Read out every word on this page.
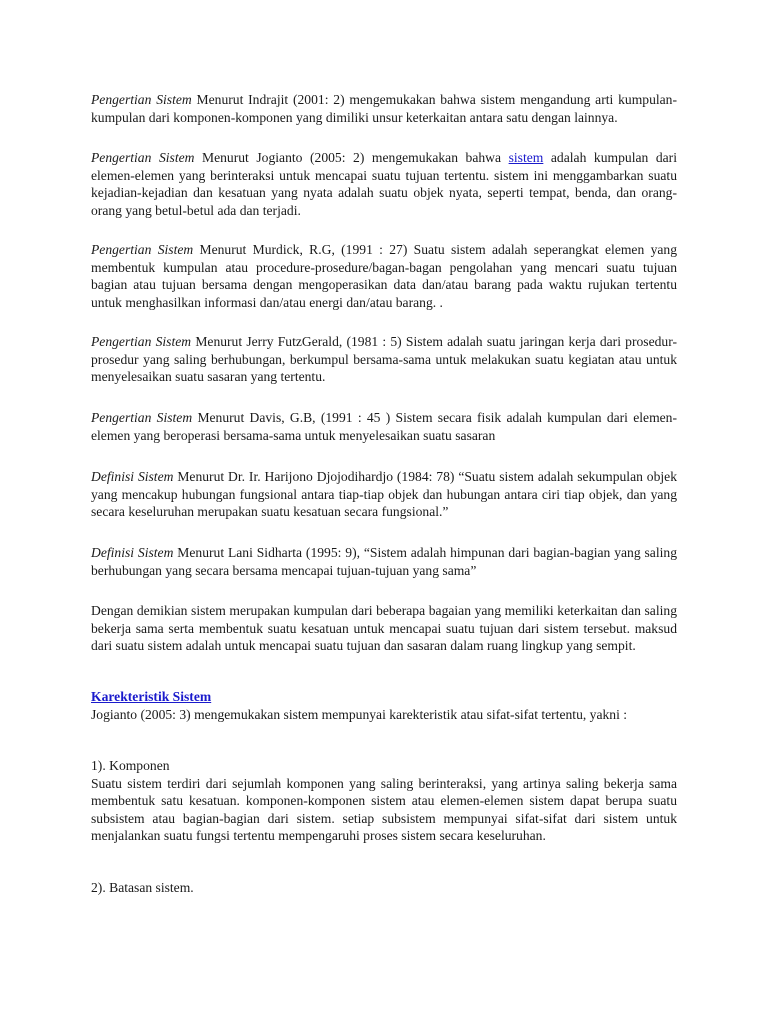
Pengertian Sistem Menurut Indrajit (2001: 2) mengemukakan bahwa sistem mengandung arti kumpulan-kumpulan dari komponen-komponen yang dimiliki unsur keterkaitan antara satu dengan lainnya.

Pengertian Sistem Menurut Jogianto (2005: 2) mengemukakan bahwa sistem adalah kumpulan dari elemen-elemen yang berinteraksi untuk mencapai suatu tujuan tertentu. sistem ini menggambarkan suatu kejadian-kejadian dan kesatuan yang nyata adalah suatu objek nyata, seperti tempat, benda, dan orang-orang yang betul-betul ada dan terjadi.

Pengertian Sistem Menurut Murdick, R.G, (1991 : 27) Suatu sistem adalah seperangkat elemen yang membentuk kumpulan atau procedure-prosedure/bagan-bagan pengolahan yang mencari suatu tujuan bagian atau tujuan bersama dengan mengoperasikan data dan/atau barang pada waktu rujukan tertentu untuk menghasilkan informasi dan/atau energi dan/atau barang. .

Pengertian Sistem Menurut Jerry FutzGerald, (1981 : 5) Sistem adalah suatu jaringan kerja dari prosedur-prosedur yang saling berhubungan, berkumpul bersama-sama untuk melakukan suatu kegiatan atau untuk menyelesaikan suatu sasaran yang tertentu.

Pengertian Sistem Menurut Davis, G.B, (1991 : 45 ) Sistem secara fisik adalah kumpulan dari elemen-elemen yang beroperasi bersama-sama untuk menyelesaikan suatu sasaran

Definisi Sistem Menurut Dr. Ir. Harijono Djojodihardjo (1984: 78) “Suatu sistem adalah sekumpulan objek yang mencakup hubungan fungsional antara tiap-tiap objek dan hubungan antara ciri tiap objek, dan yang secara keseluruhan merupakan suatu kesatuan secara fungsional.”

Definisi Sistem Menurut Lani Sidharta (1995: 9), “Sistem adalah himpunan dari bagian-bagian yang saling berhubungan yang secara bersama mencapai tujuan-tujuan yang sama”

Dengan demikian sistem merupakan kumpulan dari beberapa bagaian yang memiliki keterkaitan dan saling bekerja sama serta membentuk suatu kesatuan untuk mencapai suatu tujuan dari sistem tersebut. maksud dari suatu sistem adalah untuk mencapai suatu tujuan dan sasaran dalam ruang lingkup yang sempit.

Karekteristik Sistem
Jogianto (2005: 3) mengemukakan sistem mempunyai karekteristik atau sifat-sifat tertentu, yakni :

1). Komponen
Suatu sistem terdiri dari sejumlah komponen yang saling berinteraksi, yang artinya saling bekerja sama membentuk satu kesatuan. komponen-komponen sistem atau elemen-elemen sistem dapat berupa suatu subsistem atau bagian-bagian dari sistem. setiap subsistem mempunyai sifat-sifat dari sistem untuk menjalankan suatu fungsi tertentu mempengaruhi proses sistem secara keseluruhan.

2). Batasan sistem.
